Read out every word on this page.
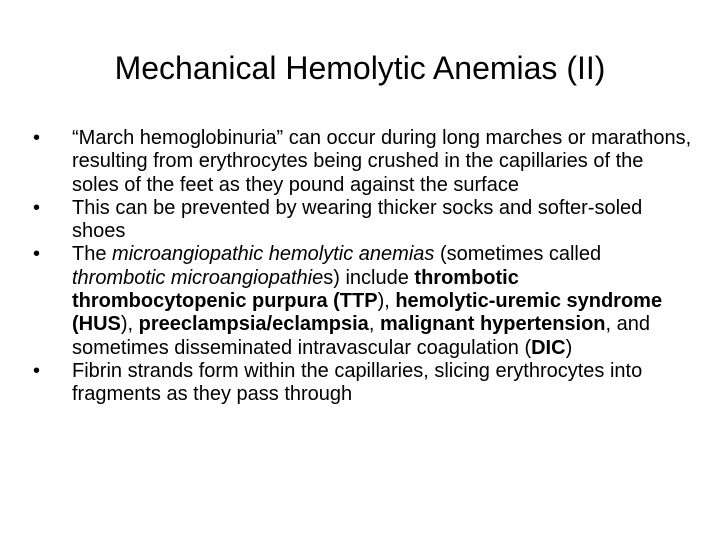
Mechanical Hemolytic Anemias (II)
• “March hemoglobinuria” can occur during long marches or marathons, resulting from erythrocytes being crushed in the capillaries of the soles of the feet as they pound against the surface
• This can be prevented by wearing thicker socks and softer-soled shoes
• The microangiopathic hemolytic anemias (sometimes called thrombotic microangiopathies) include thrombotic thrombocytopenic purpura (TTP), hemolytic-uremic syndrome (HUS), preeclampsia/eclampsia, malignant hypertension, and sometimes disseminated intravascular coagulation (DIC)
• Fibrin strands form within the capillaries, slicing erythrocytes into fragments as they pass through
